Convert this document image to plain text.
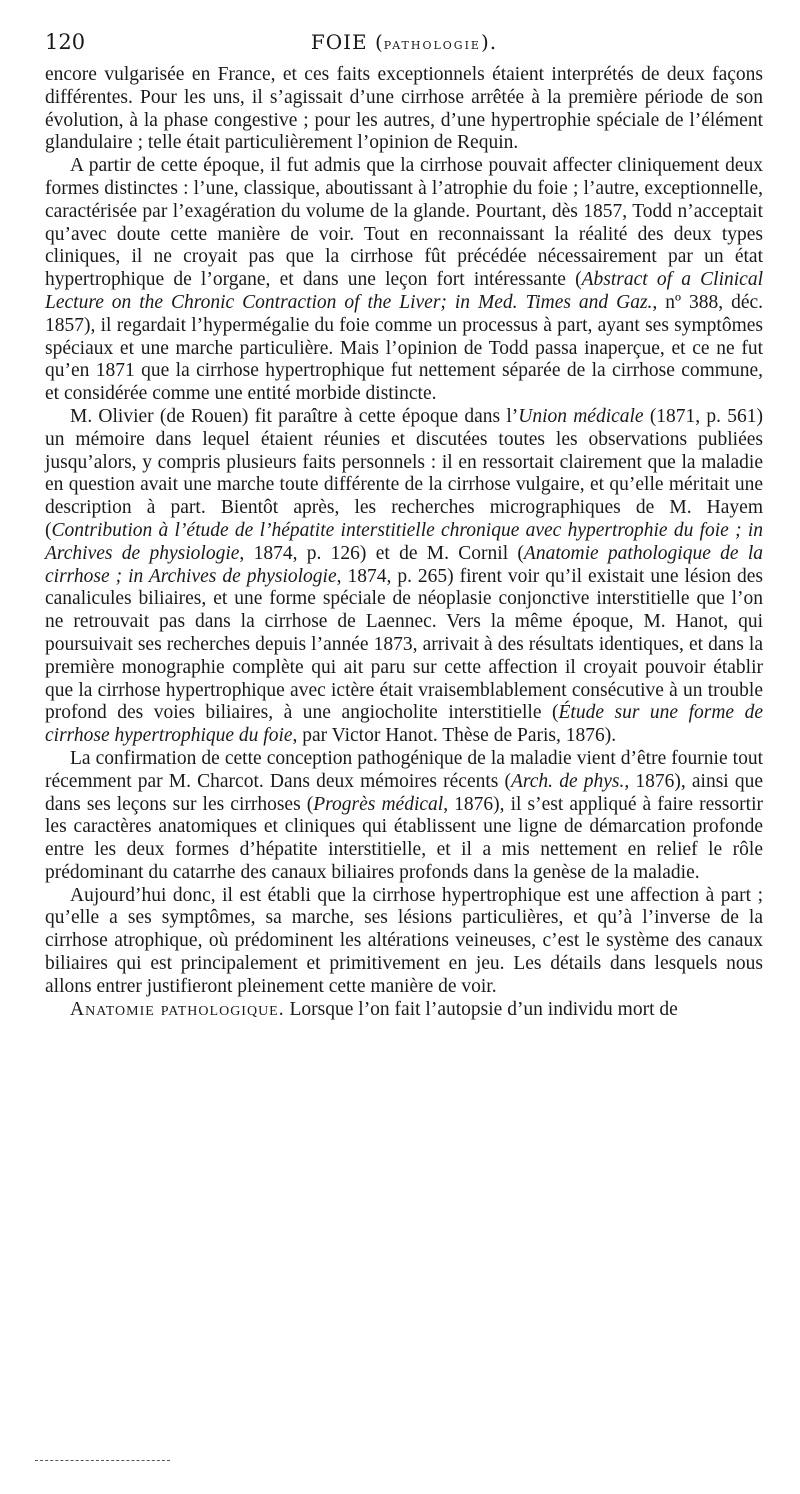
120	FOIE (pathologie).

encore vulgarisée en France, et ces faits exceptionnels étaient interprétés de deux façons différentes. Pour les uns, il s’agissait d’une cirrhose arrêtée à la première période de son évolution, à la phase congestive ; pour les autres, d’une hypertrophie spéciale de l’élément glandulaire ; telle était particulièrement l’opinion de Requin.

A partir de cette époque, il fut admis que la cirrhose pouvait affecter cliniquement deux formes distinctes : l’une, classique, aboutissant à l’atrophie du foie ; l’autre, exceptionnelle, caractérisée par l’exagération du volume de la glande. Pourtant, dès 1857, Todd n’acceptait qu’avec doute cette manière de voir. Tout en reconnaissant la réalité des deux types cliniques, il ne croyait pas que la cirrhose fût précédée nécessairement par un état hypertrophique de l’organe, et dans une leçon fort intéressante (Abstract of a Clinical Lecture on the Chronic Contraction of the Liver; in Med. Times and Gaz., nº 388, déc. 1857), il regardait l’hypermégalie du foie comme un processus à part, ayant ses symptômes spéciaux et une marche particulière. Mais l’opinion de Todd passa inaperçue, et ce ne fut qu’en 1871 que la cirrhose hypertrophique fut nettement séparée de la cirrhose commune, et considérée comme une entité morbide distincte.

M. Olivier (de Rouen) fit paraître à cette époque dans l’Union médicale (1871, p. 561) un mémoire dans lequel étaient réunies et discutées toutes les observations publiées jusqu’alors, y compris plusieurs faits personnels : il en ressortait clairement que la maladie en question avait une marche toute différente de la cirrhose vulgaire, et qu’elle méritait une description à part. Bientôt après, les recherches micrographiques de M. Hayem (Contribution à l’étude de l’hépatite interstitielle chronique avec hypertrophie du foie ; in Archives de physiologie, 1874, p. 126) et de M. Cornil (Anatomie pathologique de la cirrhose ; in Archives de physiologie, 1874, p. 265) firent voir qu’il existait une lésion des canalicules biliaires, et une forme spéciale de néoplasie conjonctive interstitielle que l’on ne retrouvait pas dans la cirrhose de Laennec. Vers la même époque, M. Hanot, qui poursuivait ses recherches depuis l’année 1873, arrivait à des résultats identiques, et dans la première monographie complète qui ait paru sur cette affection il croyait pouvoir établir que la cirrhose hypertrophique avec ictère était vraisemblablement consécutive à un trouble profond des voies biliaires, à une angiocholite interstitielle (Étude sur une forme de cirrhose hypertrophique du foie, par Victor Hanot. Thèse de Paris, 1876).

La confirmation de cette conception pathogénique de la maladie vient d’être fournie tout récemment par M. Charcot. Dans deux mémoires récents (Arch. de phys., 1876), ainsi que dans ses leçons sur les cirrhoses (Progrès médical, 1876), il s’est appliqué à faire ressortir les caractères anatomiques et cliniques qui établissent une ligne de démarcation profonde entre les deux formes d’hépatite interstitielle, et il a mis nettement en relief le rôle prédominant du catarrhe des canaux biliaires profonds dans la genèse de la maladie.

Aujourd’hui donc, il est établi que la cirrhose hypertrophique est une affection à part ; qu’elle a ses symptômes, sa marche, ses lésions particulières, et qu’à l’inverse de la cirrhose atrophique, où prédominent les altérations veineuses, c’est le système des canaux biliaires qui est principalement et primitivement en jeu. Les détails dans lesquels nous allons entrer justifieront pleinement cette manière de voir.

Anatomie pathologique. Lorsque l’on fait l’autopsie d’un individu mort de
